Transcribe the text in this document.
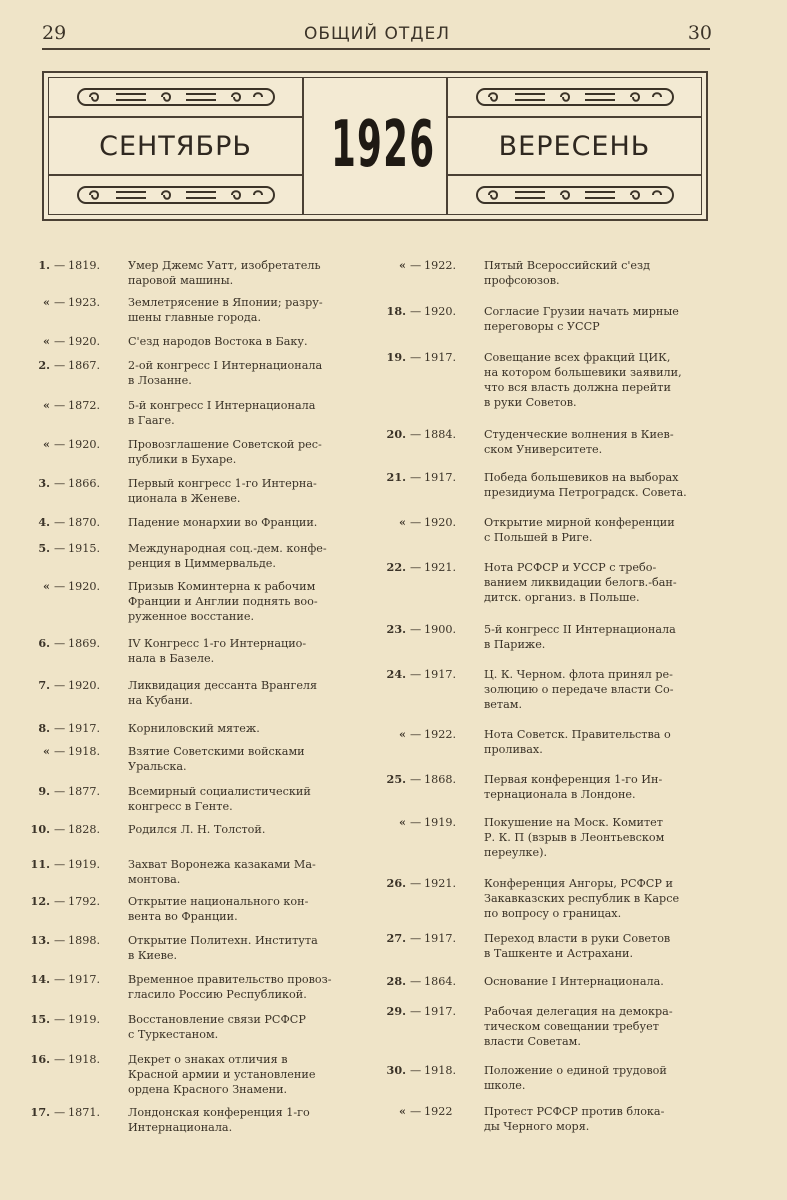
29	ОБЩИЙ ОТДЕЛ	30
СЕНТЯБРЬ	1926	ВЕРЕСЕНЬ
1. — 1819. Умер Джемс Уатт, изобретатель
паровой машины.
« — 1923. Землетрясение в Японии; разру-
шены главные города.
« — 1920. С'езд народов Востока в Баку.
2. — 1867. 2-ой конгресс I Интернационала
в Лозанне.
« — 1872. 5-й конгресс I Интернационала
в Гааге.
« — 1920. Провозглашение Советской рес-
публики в Бухаре.
3. — 1866. Первый конгресс 1-го Интерна-
ционала в Женеве.
4. — 1870. Падение монархии во Франции.
5. — 1915. Международная соц.-дем. конфе-
ренция в Циммервальде.
« — 1920. Призыв Коминтерна к рабочим
Франции и Англии поднять воо-
руженное восстание.
6. — 1869. IV Конгресс 1-го Интернацио-
нала в Базеле.
7. — 1920. Ликвидация дессанта Врангеля
на Кубани.
8. — 1917. Корниловский мятеж.
« — 1918. Взятие Советскими войсками
Уральска.
9. — 1877. Всемирный социалистический
конгресс в Генте.
10. — 1828. Родился Л. Н. Толстой.
11. — 1919. Захват Воронежа казаками Ма-
монтова.
12. — 1792. Открытие национального кон-
вента во Франции.
13. — 1898. Открытие Политехн. Института
в Киеве.
14. — 1917. Временное правительство провоз-
гласило Россию Республикой.
15. — 1919. Восстановление связи РСФСР
с Туркестаном.
16. — 1918. Декрет о знаках отличия в
Красной армии и установление
ордена Красного Знамени.
17. — 1871. Лондонская конференция 1-го
Интернационала.
« — 1922. Пятый Всероссийский с'езд
профсоюзов.
18. — 1920. Согласие Грузии начать мирные
переговоры с УССР
19. — 1917. Совещание всех фракций ЦИК,
на котором большевики заявили,
что вся власть должна перейти
в руки Советов.
20. — 1884. Студенческие волнения в Киев-
ском Университете.
21. — 1917. Победа большевиков на выборах
президиума Петроградск. Совета.
« — 1920. Открытие мирной конференции
с Польшей в Риге.
22. — 1921. Нота РСФСР и УССР с требо-
ванием ликвидации белогв.-бан-
дитск. организ. в Польше.
23. — 1900. 5-й конгресс II Интернационала
в Париже.
24. — 1917. Ц. К. Черном. флота принял ре-
золюцию о передаче власти Со-
ветам.
« — 1922. Нота Советск. Правительства о
проливах.
25. — 1868. Первая конференция 1-го Ин-
тернационала в Лондоне.
« — 1919. Покушение на Моск. Комитет
Р. К. П (взрыв в Леонтьевском
переулке).
26. — 1921. Конференция Ангоры, РСФСР и
Закавказских республик в Карсе
по вопросу о границах.
27. — 1917. Переход власти в руки Советов
в Ташкенте и Астрахани.
28. — 1864. Основание I Интернационала.
29. — 1917. Рабочая делегация на демокра-
тическом совещании требует
власти Советам.
30. — 1918. Положение о единой трудовой
школе.
« — 1922	Протест РСФСР против блока-
ды Черного моря.
